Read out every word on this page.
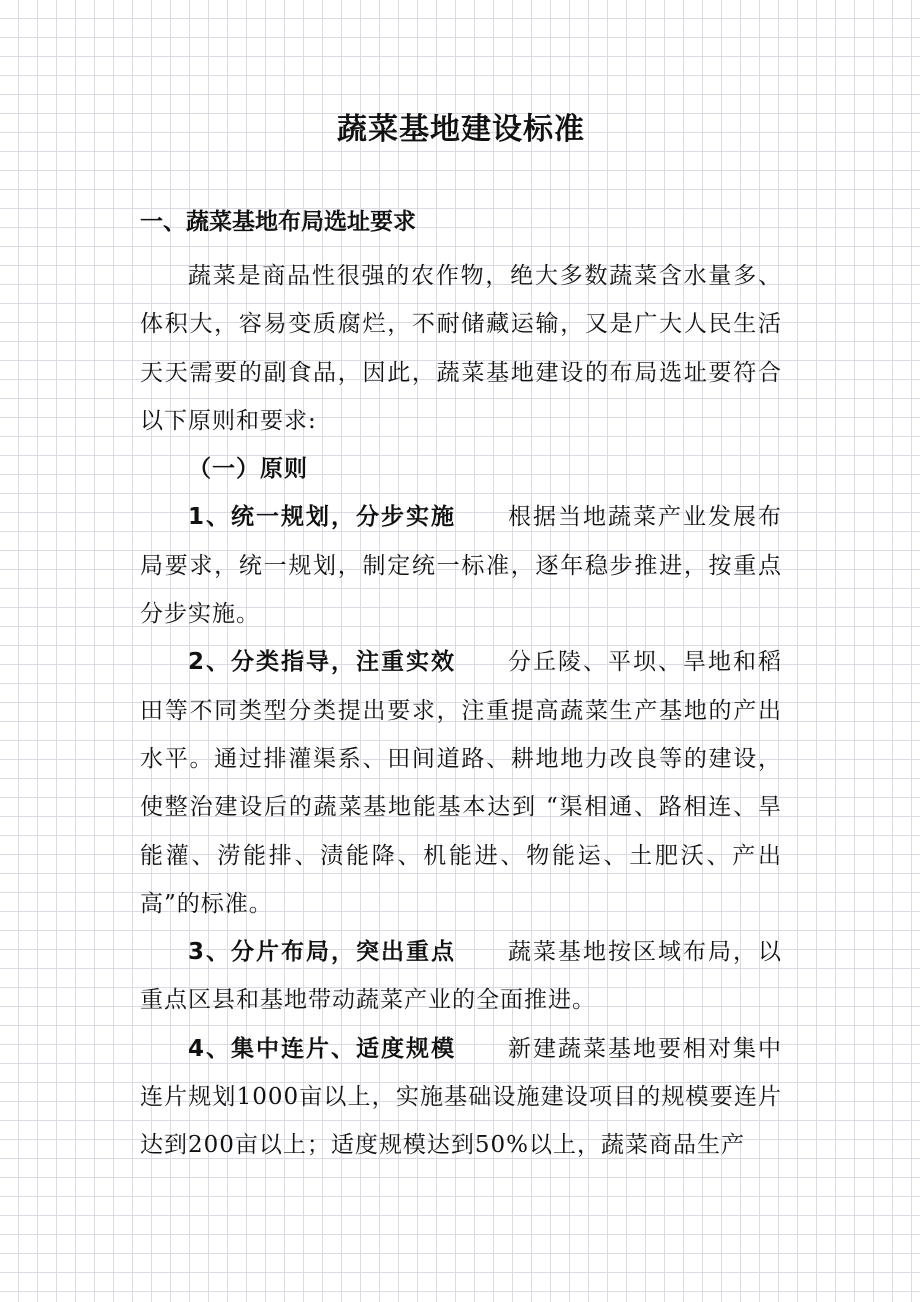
蔬菜基地建设标准
一、蔬菜基地布局选址要求

蔬菜是商品性很强的农作物，绝大多数蔬菜含水量多、体积大，容易变质腐烂，不耐储藏运输，又是广大人民生活天天需要的副食品，因此，蔬菜基地建设的布局选址要符合以下原则和要求:

（一）原则

1、统一规划，分步实施 根据当地蔬菜产业发展布局要求，统一规划，制定统一标准，逐年稳步推进，按重点分步实施。

2、分类指导，注重实效 分丘陵、平坝、旱地和稻田等不同类型分类提出要求，注重提高蔬菜生产基地的产出水平。通过排灌渠系、田间道路、耕地地力改良等的建设，使整治建设后的蔬菜基地能基本达到 “渠相通、路相连、旱能灌、涝能排、渍能降、机能进、物能运、土肥沃、产出高”的标准。

3、分片布局，突出重点 蔬菜基地按区域布局，以重点区县和基地带动蔬菜产业的全面推进。

4、集中连片、适度规模 新建蔬菜基地要相对集中连片规划1000亩以上，实施基础设施建设项目的规模要连片达到200亩以上；适度规模达到50%以上，蔬菜商品生产
